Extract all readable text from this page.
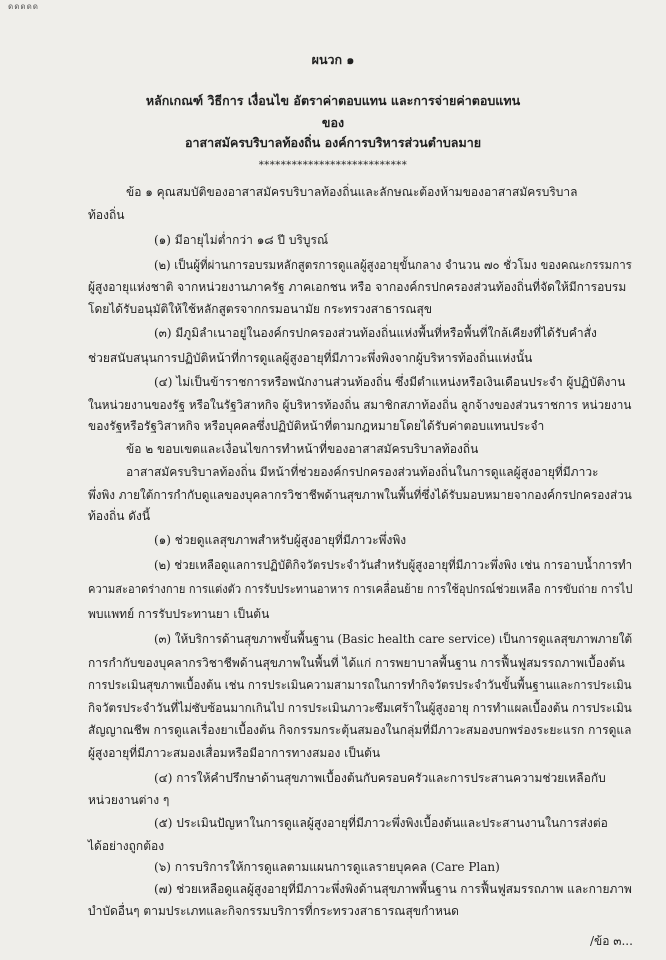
ดดดดด
ผนวก ๑
หลักเกณฑ์ วิธีการ เงื่อนไข อัตราค่าตอบแทน และการจ่ายค่าตอบแทน
ของ
อาสาสมัครบริบาลท้องถิ่น องค์การบริหารส่วนตำบลมาย
***************************
ข้อ ๑ คุณสมบัติของอาสาสมัครบริบาลท้องถิ่นและลักษณะต้องห้ามของอาสาสมัครบริบาล
ท้องถิ่น
(๑) มีอายุไม่ต่ำกว่า ๑๘ ปี บริบูรณ์
(๒) เป็นผู้ที่ผ่านการอบรมหลักสูตรการดูแลผู้สูงอายุขั้นกลาง จำนวน ๗๐ ชั่วโมง ของคณะกรรมการ
ผู้สูงอายุแห่งชาติ จากหน่วยงานภาครัฐ ภาคเอกชน หรือ จากองค์กรปกครองส่วนท้องถิ่นที่จัดให้มีการอบรม
โดยได้รับอนุมัติให้ใช้หลักสูตรจากกรมอนามัย กระทรวงสาธารณสุข
(๓) มีภูมิลำเนาอยู่ในองค์กรปกครองส่วนท้องถิ่นแห่งพื้นที่หรือพื้นที่ใกล้เคียงที่ได้รับคำสั่ง
ช่วยสนับสนุนการปฏิบัติหน้าที่การดูแลผู้สูงอายุที่มีภาวะพึ่งพิงจากผู้บริหารท้องถิ่นแห่งนั้น
(๔) ไม่เป็นข้าราชการหรือพนักงานส่วนท้องถิ่น ซึ่งมีตำแหน่งหรือเงินเดือนประจำ ผู้ปฏิบัติงาน
ในหน่วยงานของรัฐ หรือในรัฐวิสาหกิจ ผู้บริหารท้องถิ่น สมาชิกสภาท้องถิ่น ลูกจ้างของส่วนราชการ หน่วยงาน
ของรัฐหรือรัฐวิสาหกิจ หรือบุคคลซึ่งปฏิบัติหน้าที่ตามกฎหมายโดยได้รับค่าตอบแทนประจำ
ข้อ ๒ ขอบเขตและเงื่อนไขการทำหน้าที่ของอาสาสมัครบริบาลท้องถิ่น
อาสาสมัครบริบาลท้องถิ่น มีหน้าที่ช่วยองค์กรปกครองส่วนท้องถิ่นในการดูแลผู้สูงอายุที่มีภาวะ
พึ่งพิง ภายใต้การกำกับดูแลของบุคลากรวิชาชีพด้านสุขภาพในพื้นที่ซึ่งได้รับมอบหมายจากองค์กรปกครองส่วน
ท้องถิ่น ดังนี้
(๑) ช่วยดูแลสุขภาพสำหรับผู้สูงอายุที่มีภาวะพึ่งพิง
(๒) ช่วยเหลือดูแลการปฏิบัติกิจวัตรประจำวันสำหรับผู้สูงอายุที่มีภาวะพึ่งพิง เช่น การอาบน้ำการทำ
ความสะอาดร่างกาย การแต่งตัว การรับประทานอาหาร การเคลื่อนย้าย การใช้อุปกรณ์ช่วยเหลือ การขับถ่าย การไป
พบแพทย์ การรับประทานยา เป็นต้น
(๓) ให้บริการด้านสุขภาพขั้นพื้นฐาน (Basic health care service) เป็นการดูแลสุขภาพภายใต้
การกำกับของบุคลากรวิชาชีพด้านสุขภาพในพื้นที่ ได้แก่ การพยาบาลพื้นฐาน การฟื้นฟูสมรรถภาพเบื้องต้น
การประเมินสุขภาพเบื้องต้น เช่น การประเมินความสามารถในการทำกิจวัตรประจำวันขั้นพื้นฐานและการประเมิน
กิจวัตรประจำวันที่ไม่ซับซ้อนมากเกินไป การประเมินภาวะซึมเศร้าในผู้สูงอายุ การทำแผลเบื้องต้น การประเมิน
สัญญาณชีพ การดูแลเรื่องยาเบื้องต้น กิจกรรมกระตุ้นสมองในกลุ่มที่มีภาวะสมองบกพร่องระยะแรก การดูแล
ผู้สูงอายุที่มีภาวะสมองเสื่อมหรือมีอาการทางสมอง เป็นต้น
(๔) การให้คำปรึกษาด้านสุขภาพเบื้องต้นกับครอบครัวและการประสานความช่วยเหลือกับ
หน่วยงานต่าง ๆ
(๕) ประเมินปัญหาในการดูแลผู้สูงอายุที่มีภาวะพึ่งพิงเบื้องต้นและประสานงานในการส่งต่อ
ได้อย่างถูกต้อง
(๖) การบริการให้การดูแลตามแผนการดูแลรายบุคคล (Care Plan)
(๗) ช่วยเหลือดูแลผู้สูงอายุที่มีภาวะพึ่งพิงด้านสุขภาพพื้นฐาน การฟื้นฟูสมรรถภาพ และกายภาพ
บำบัดอื่นๆ ตามประเภทและกิจกรรมบริการที่กระทรวงสาธารณสุขกำหนด
/ข้อ ๓...
